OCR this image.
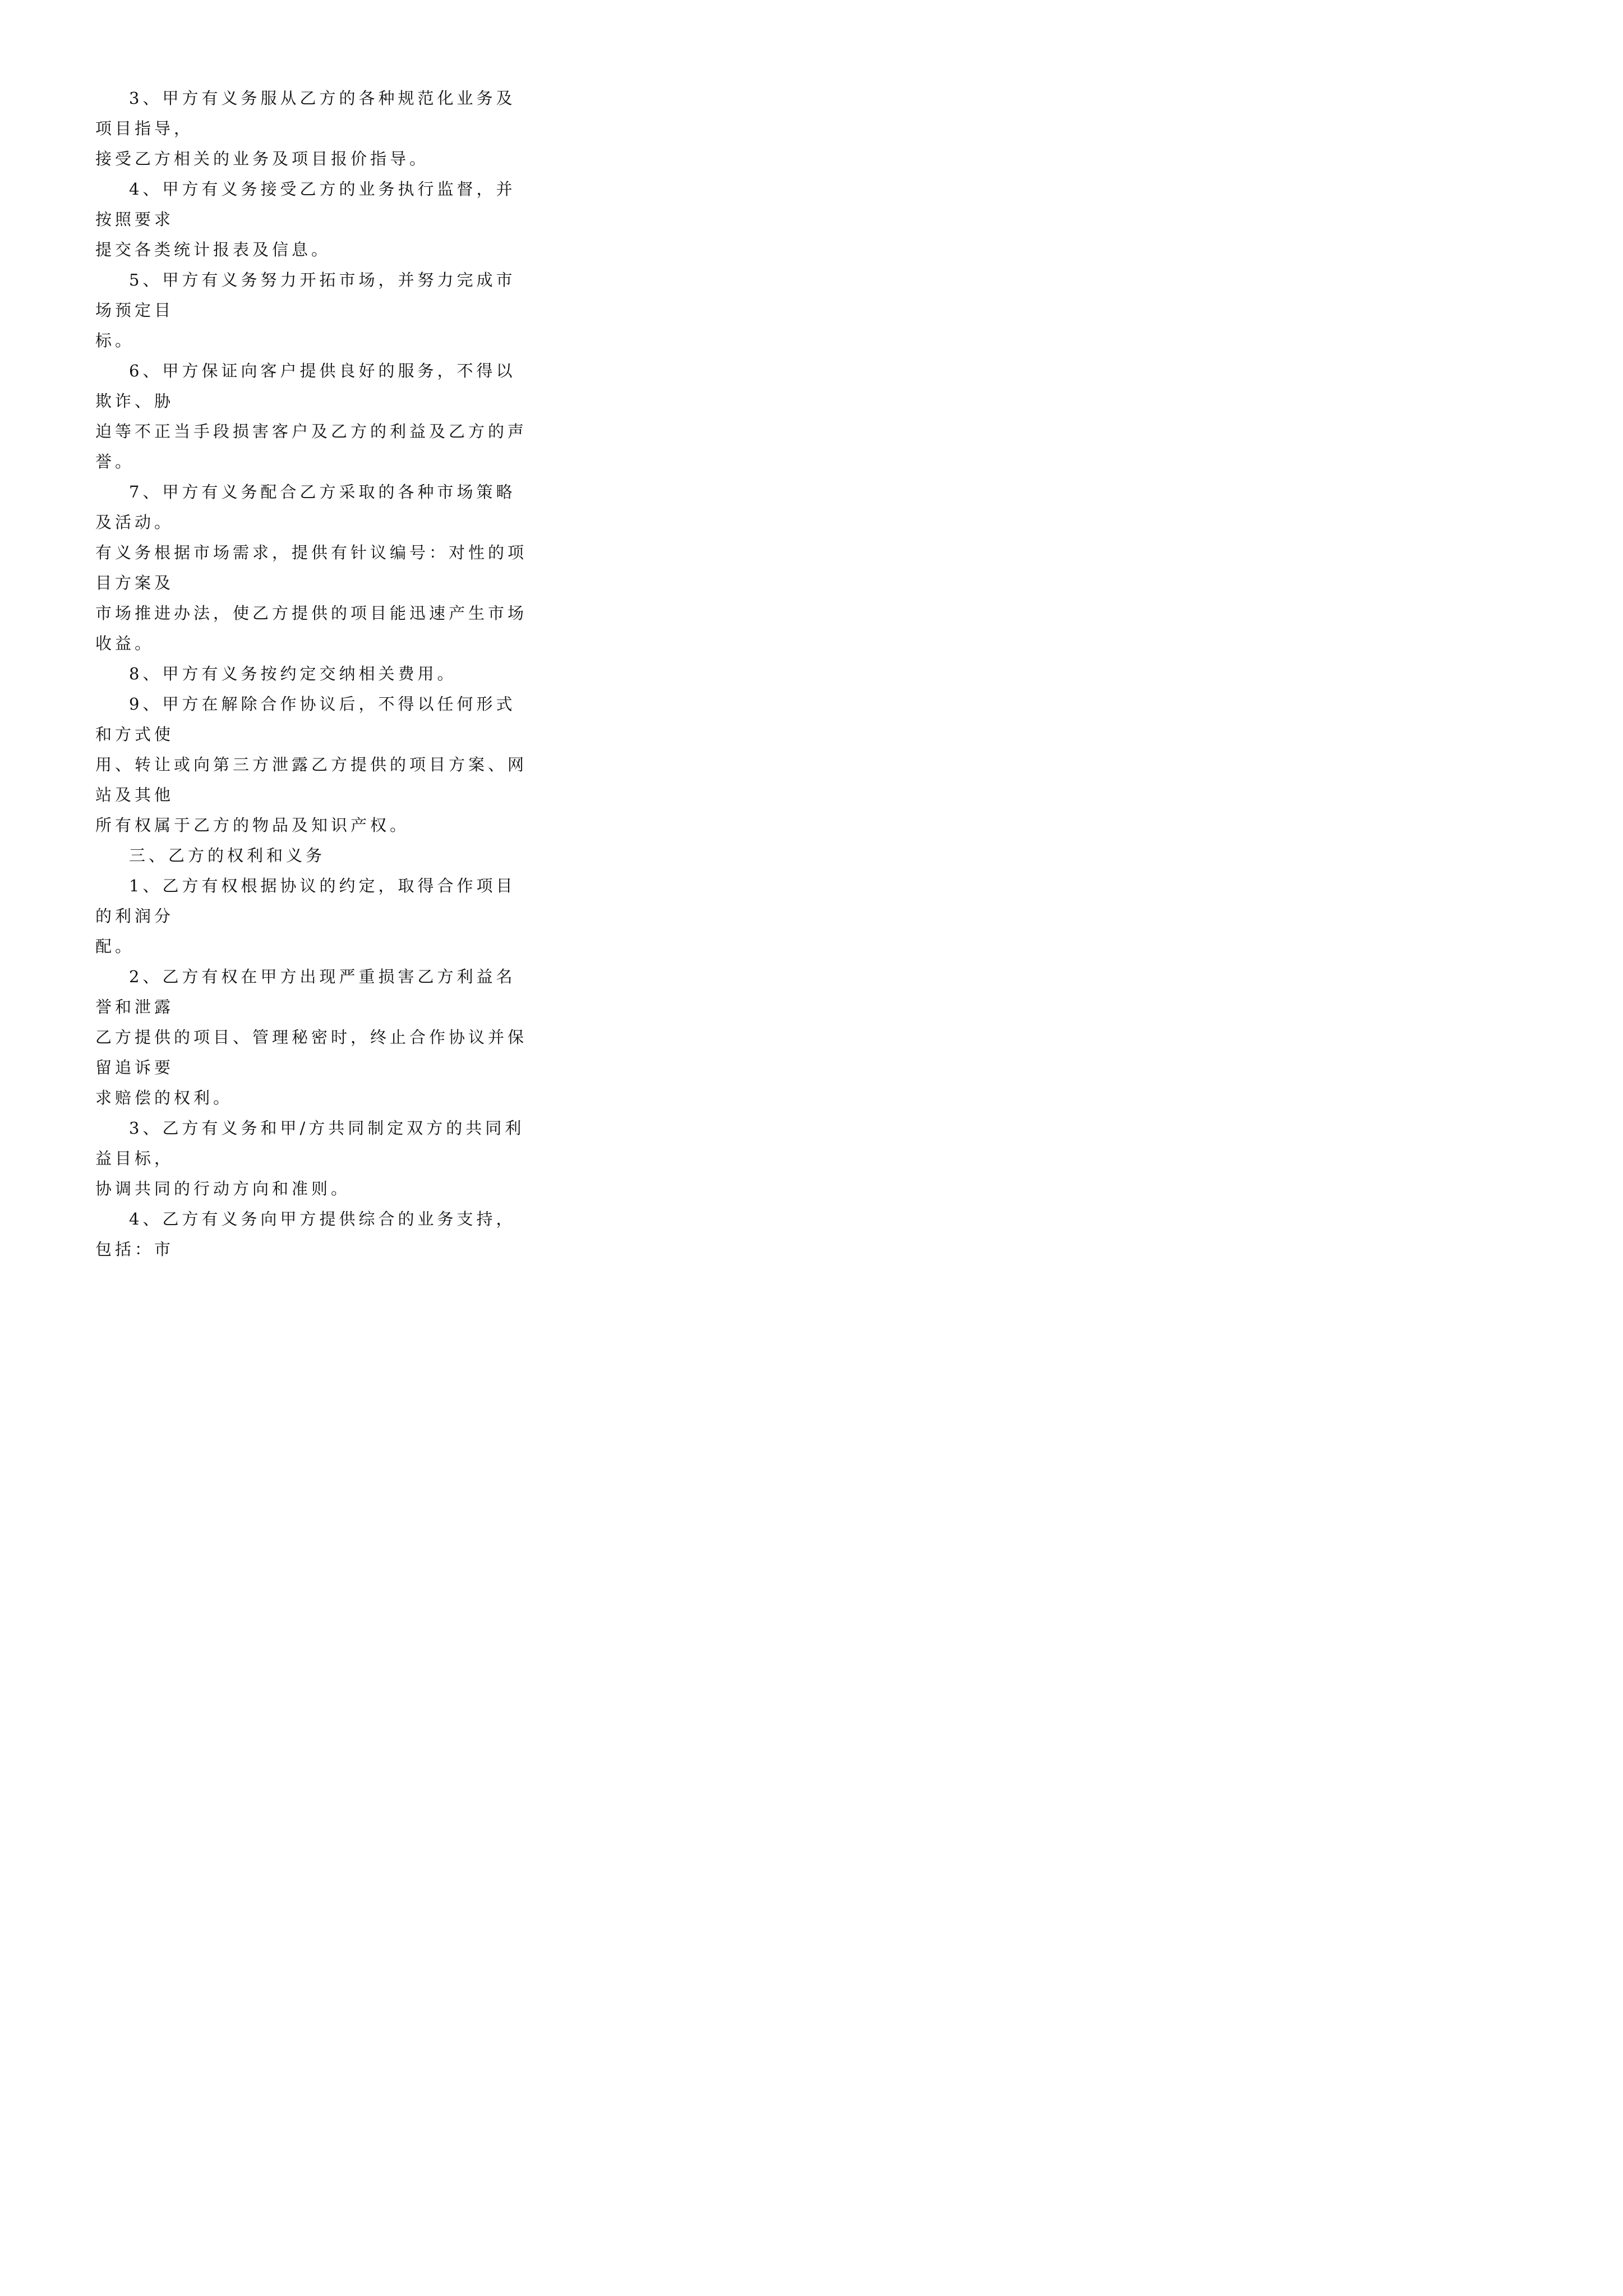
3、甲方有义务服从乙方的各种规范化业务及项目指导，
接受乙方相关的业务及项目报价指导。

4、甲方有义务接受乙方的业务执行监督，并按照要求
提交各类统计报表及信息。

5、甲方有义务努力开拓市场，并努力完成市场预定目
标。

6、甲方保证向客户提供良好的服务，不得以欺诈、胁
迫等不正当手段损害客户及乙方的利益及乙方的声誉。

7、甲方有义务配合乙方采取的各种市场策略及活动。
有义务根据市场需求，提供有针议编号：对性的项目方案及
市场推进办法，使乙方提供的项目能迅速产生市场收益。

8、甲方有义务按约定交纳相关费用。

9、甲方在解除合作协议后，不得以任何形式和方式使
用、转让或向第三方泄露乙方提供的项目方案、网站及其他
所有权属于乙方的物品及知识产权。

三、乙方的权利和义务

1、乙方有权根据协议的约定，取得合作项目的利润分
配。

2、乙方有权在甲方出现严重损害乙方利益名誉和泄露
乙方提供的项目、管理秘密时，终止合作协议并保留追诉要
求赔偿的权利。

3、乙方有义务和甲/方共同制定双方的共同利益目标，
协调共同的行动方向和准则。

4、乙方有义务向甲方提供综合的业务支持，包括：市
